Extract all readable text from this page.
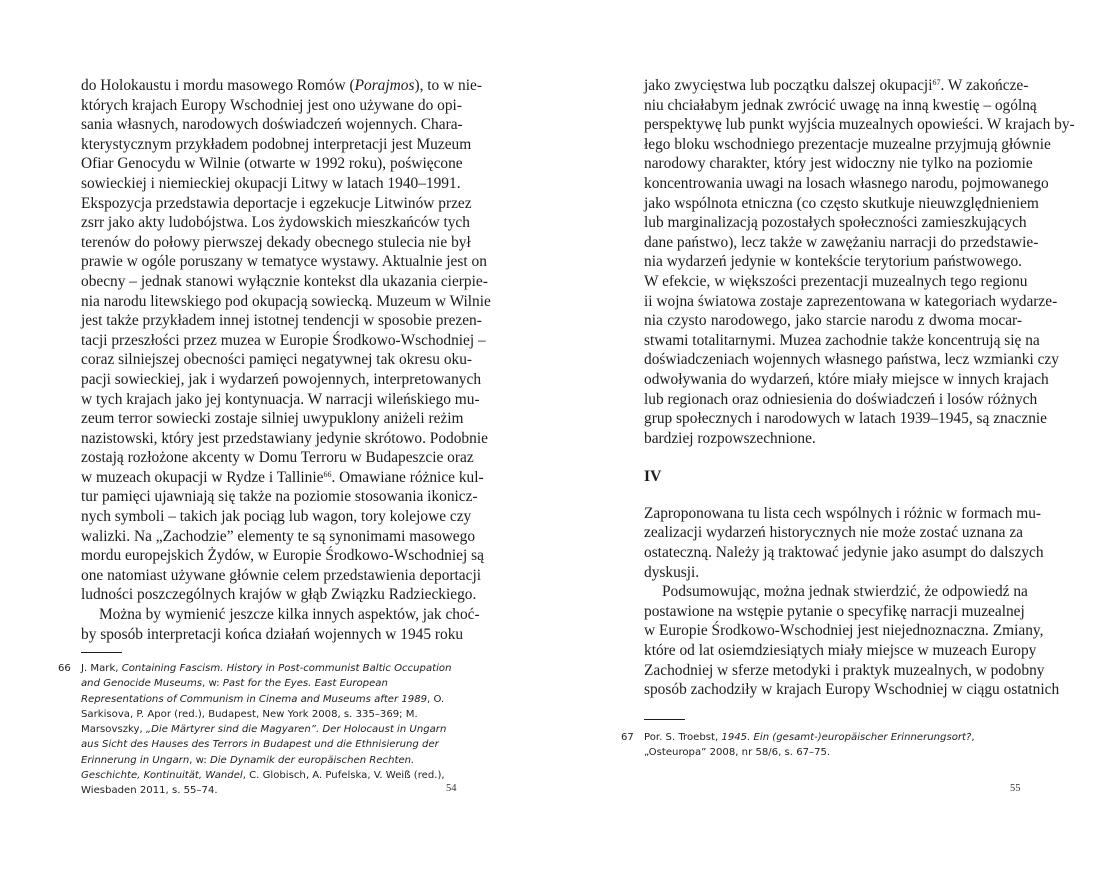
do Holokaustu i mordu masowego Romów (Porajmos), to w nie-
których krajach Europy Wschodniej jest ono używane do opi-
sania własnych, narodowych doświadczeń wojennych. Chara-
kterystycznym przykładem podobnej interpretacji jest Muzeum
Ofiar Genocydu w Wilnie (otwarte w 1992 roku), poświęcone
sowieckiej i niemieckiej okupacji Litwy w latach 1940–1991.
Ekspozycja przedstawia deportacje i egzekucje Litwinów przez
zsrr jako akty ludobójstwa. Los żydowskich mieszkańców tych
terenów do połowy pierwszej dekady obecnego stulecia nie był
prawie w ogóle poruszany w tematyce wystawy. Aktualnie jest on
obecny – jednak stanowi wyłącznie kontekst dla ukazania cierpie-
nia narodu litewskiego pod okupacją sowiecką. Muzeum w Wilnie
jest także przykładem innej istotnej tendencji w sposobie prezen-
tacji przeszłości przez muzea w Europie Środkowo-Wschodniej –
coraz silniejszej obecności pamięci negatywnej tak okresu oku-
pacji sowieckiej, jak i wydarzeń powojennych, interpretowanych
w tych krajach jako jej kontynuacja. W narracji wileńskiego mu-
zeum terror sowiecki zostaje silniej uwypuklony aniżeli reżim
nazistowski, który jest przedstawiany jedynie skrótowo. Podobnie
zostają rozłożone akcenty w Domu Terroru w Budapeszcie oraz
w muzeach okupacji w Rydze i Tallinie$^{66}$. Omawiane różnice kul-
tur pamięci ujawniają się także na poziomie stosowania ikonicz-
nych symboli – takich jak pociąg lub wagon, tory kolejowe czy
walizki. Na „Zachodzie” elementy te są synonimami masowego
mordu europejskich Żydów, w Europie Środkowo-Wschodniej są
one natomiast używane głównie celem przedstawienia deportacji
ludności poszczególnych krajów w głąb Związku Radzieckiego.
Można by wymienić jeszcze kilka innych aspektów, jak choć-
by sposób interpretacji końca działań wojennych w 1945 roku
66 J. Mark, Containing Fascism. History in Post-communist Baltic Occupation and Genocide Museums, w: Past for the Eyes. East European Representations of Communism in Cinema and Museums after 1989, O. Sarkisova, P. Apor (red.), Budapest, New York 2008, s. 335–369; M. Marsovszky, „Die Märtyrer sind die Magyaren”. Der Holocaust in Ungarn aus Sicht des Hauses des Terrors in Budapest und die Ethnisierung der Erinnerung in Ungarn, w: Die Dynamik der europäischen Rechten. Geschichte, Kontinuität, Wandel, C. Globisch, A. Pufelska, V. Weiß (red.), Wiesbaden 2011, s. 55–74.	54
jako zwycięstwa lub początku dalszej okupacji$^{67}$. W zakończe-
niu chciałabym jednak zwrócić uwagę na inną kwestię – ogólną
perspektywę lub punkt wyjścia muzealnych opowieści. W krajach by-
łego bloku wschodniego prezentacje muzealne przyjmują głównie
narodowy charakter, który jest widoczny nie tylko na poziomie
koncentrowania uwagi na losach własnego narodu, pojmowanego
jako wspólnota etniczna (co często skutkuje nieuwzględnieniem
lub marginalizacją pozostałych społeczności zamieszkujących
dane państwo), lecz także w zawężaniu narracji do przedstawie-
nia wydarzeń jedynie w kontekście terytorium państwowego.
W efekcie, w większości prezentacji muzealnych tego regionu
ii wojna światowa zostaje zaprezentowana w kategoriach wydarze-
nia czysto narodowego, jako starcie narodu z dwoma mocar-
stwami totalitarnymi. Muzea zachodnie także koncentrują się na
doświadczeniach wojennych własnego państwa, lecz wzmianki czy
odwoływania do wydarzeń, które miały miejsce w innych krajach
lub regionach oraz odniesienia do doświadczeń i losów różnych
grup społecznych i narodowych w latach 1939–1945, są znacznie
bardziej rozpowszechnione.
IV
Zaproponowana tu lista cech wspólnych i różnic w formach mu-
zealizacji wydarzeń historycznych nie może zostać uznana za
ostateczną. Należy ją traktować jedynie jako asumpt do dalszych
dyskusji.
Podsumowując, można jednak stwierdzić, że odpowiedź na
postawione na wstępie pytanie o specyfikę narracji muzealnej
w Europie Środkowo-Wschodniej jest niejednoznaczna. Zmiany,
które od lat osiemdziesiątych miały miejsce w muzeach Europy
Zachodniej w sferze metodyki i praktyk muzealnych, w podobny
sposób zachodziły w krajach Europy Wschodniej w ciągu ostatnich
67 Por. S. Troebst, 1945. Ein (gesamt-)europäischer Erinnerungsort?, „Osteuropa” 2008, nr 58/6, s. 67–75.
55
